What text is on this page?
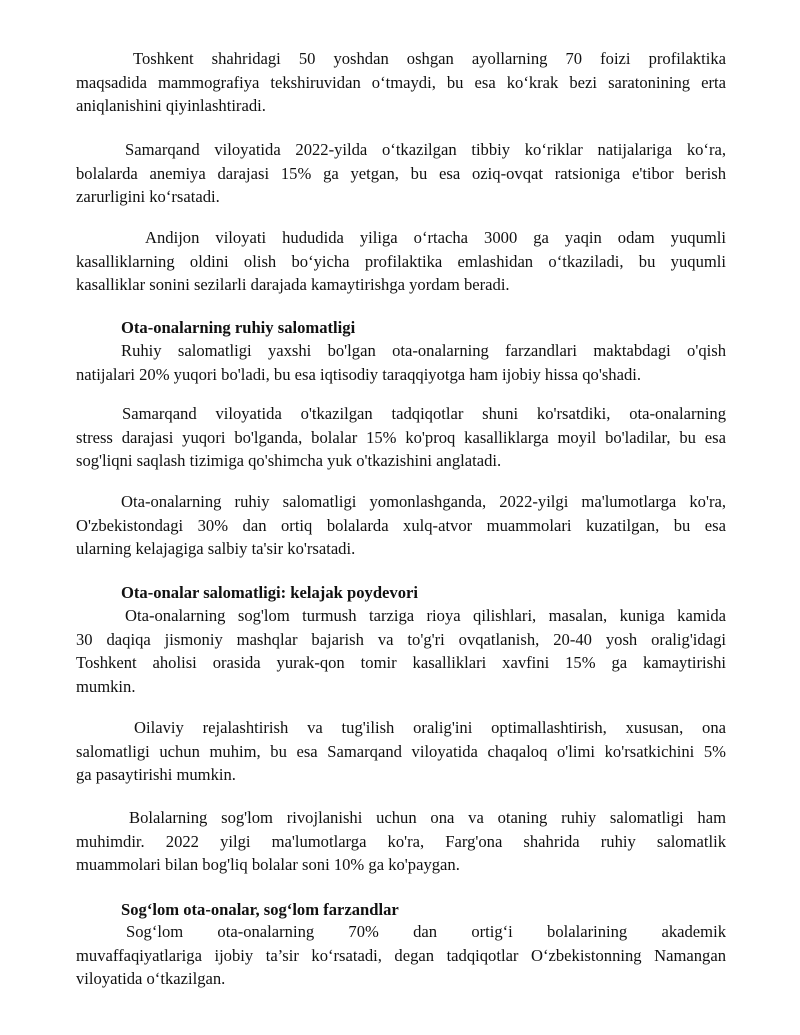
Toshkent shahridagi 50 yoshdan oshgan ayollarning 70 foizi profilaktika
maqsadida mammografiya tekshiruvidan o‘tmaydi, bu esa ko‘krak bezi saratonining erta
aniqlanishini qiyinlashtiradi.
Samarqand viloyatida 2022-yilda o‘tkazilgan tibbiy ko‘riklar natijalariga ko‘ra,
bolalarda anemiya darajasi 15% ga yetgan, bu esa oziq-ovqat ratsioniga e'tibor berish
zarurligini ko‘rsatadi.
Andijon viloyati hududida yiliga o‘rtacha 3000 ga yaqin odam yuqumli
kasalliklarning oldini olish bo‘yicha profilaktika emlashidan o‘tkaziladi, bu yuqumli
kasalliklar sonini sezilarli darajada kamaytirishga yordam beradi.
Ota-onalarning ruhiy salomatligi
Ruhiy salomatligi yaxshi bo'lgan ota-onalarning farzandlari maktabdagi o'qish
natijalari 20% yuqori bo'ladi, bu esa iqtisodiy taraqqiyotga ham ijobiy hissa qo'shadi.
Samarqand viloyatida o'tkazilgan tadqiqotlar shuni ko'rsatdiki, ota-onalarning
stress darajasi yuqori bo'lganda, bolalar 15% ko'proq kasalliklarga moyil bo'ladilar, bu esa
sog'liqni saqlash tizimiga qo'shimcha yuk o'tkazishini anglatadi.
Ota-onalarning ruhiy salomatligi yomonlashganda, 2022-yilgi ma'lumotlarga ko'ra,
O'zbekistondagi 30% dan ortiq bolalarda xulq-atvor muammolari kuzatilgan, bu esa
ularning kelajagiga salbiy ta'sir ko'rsatadi.
Ota-onalar salomatligi: kelajak poydevori
Ota-onalarning sog'lom turmush tarziga rioya qilishlari, masalan, kuniga kamida
30 daqiqa jismoniy mashqlar bajarish va to'g'ri ovqatlanish, 20-40 yosh oralig'idagi
Toshkent aholisi orasida yurak-qon tomir kasalliklari xavfini 15% ga kamaytirishi
mumkin.
Oilaviy rejalashtirish va tug'ilish oralig'ini optimallashtirish, xususan, ona
salomatligi uchun muhim, bu esa Samarqand viloyatida chaqaloq o'limi ko'rsatkichini 5%
ga pasaytirishi mumkin.
Bolalarning sog'lom rivojlanishi uchun ona va otaning ruhiy salomatligi ham
muhimdir. 2022 yilgi ma'lumotlarga ko'ra, Farg'ona shahrida ruhiy salomatlik
muammolari bilan bog'liq bolalar soni 10% ga ko'paygan.
Sog‘lom ota-onalar, sog‘lom farzandlar
Sog‘lom ota-onalarning 70% dan ortig‘i bolalarining akademik
muvaffaqiyatlariga ijobiy ta’sir ko‘rsatadi, degan tadqiqotlar O‘zbekistonning Namangan
viloyatida o‘tkazilgan.
